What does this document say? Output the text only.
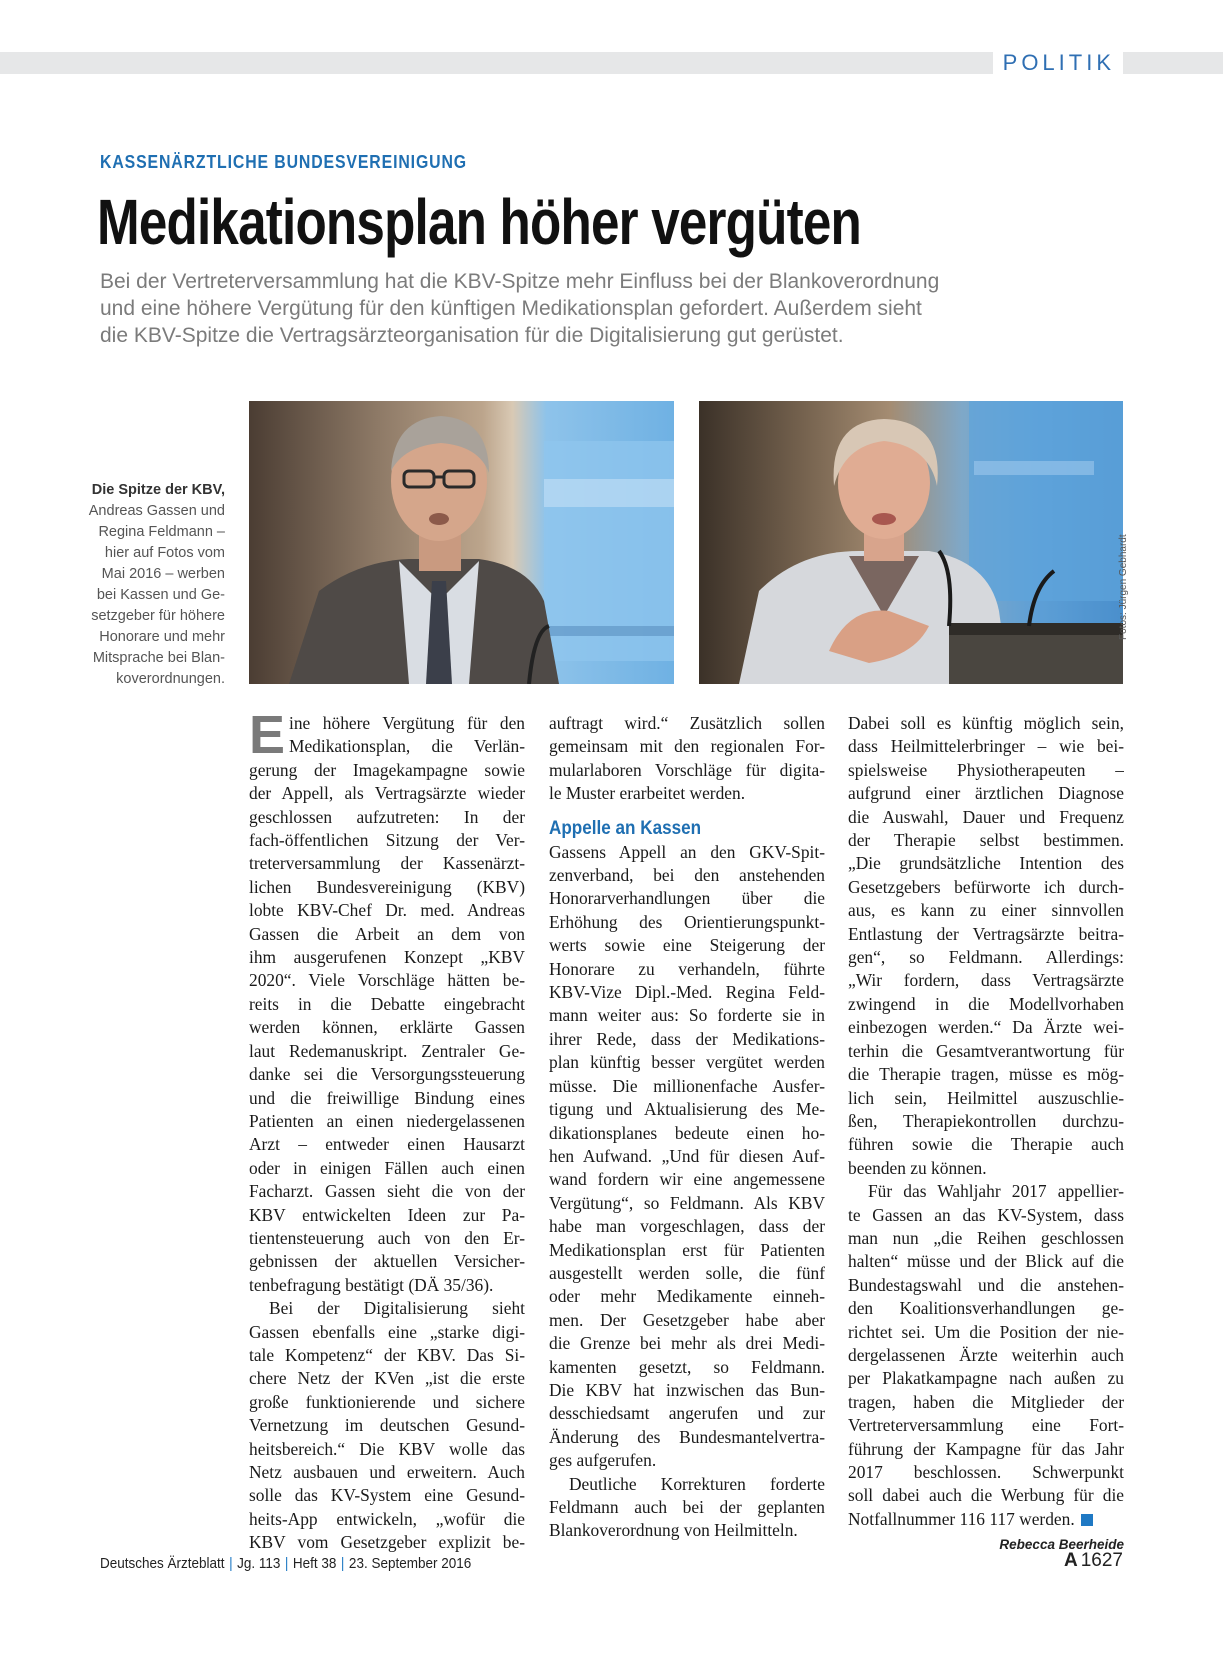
POLITIK
KASSENÄRZTLICHE BUNDESVEREINIGUNG
Medikationsplan höher vergüten
Bei der Vertreterversammlung hat die KBV-Spitze mehr Einfluss bei der Blankoverordnung
und eine höhere Vergütung für den künftigen Medikationsplan gefordert. Außerdem sieht
die KBV-Spitze die Vertragsärzteorganisation für die Digitalisierung gut gerüstet.
Die Spitze der KBV,
Andreas Gassen und
Regina Feldmann –
hier auf Fotos vom
Mai 2016 – werben
bei Kassen und Ge-
setzgeber für höhere
Honorare und mehr
Mitsprache bei Blan-
koverordnungen.
Fotos: Jürgen Gebhardt
E ine höhere Vergütung für den
Medikationsplan, die Verlän-
gerung der Imagekampagne sowie
der Appell, als Vertragsärzte wieder
geschlossen aufzutreten: In der
fach-öffentlichen Sitzung der Ver-
treterversammlung der Kassenärzt-
lichen Bundesvereinigung (KBV)
lobte KBV-Chef Dr. med. Andreas
Gassen die Arbeit an dem von
ihm ausgerufenen Konzept „KBV
2020“. Viele Vorschläge hätten be-
reits in die Debatte eingebracht
werden können, erklärte Gassen
laut Redemanuskript. Zentraler Ge-
danke sei die Versorgungssteuerung
und die freiwillige Bindung eines
Patienten an einen niedergelassenen
Arzt – entweder einen Hausarzt
oder in einigen Fällen auch einen
Facharzt. Gassen sieht die von der
KBV entwickelten Ideen zur Pa-
tientensteuerung auch von den Er-
gebnissen der aktuellen Versicher-
tenbefragung bestätigt (DÄ 35/36).
Bei der Digitalisierung sieht
Gassen ebenfalls eine „starke digi-
tale Kompetenz“ der KBV. Das Si-
chere Netz der KVen „ist die erste
große funktionierende und sichere
Vernetzung im deutschen Gesund-
heitsbereich.“ Die KBV wolle das
Netz ausbauen und erweitern. Auch
solle das KV-System eine Gesund-
heits-App entwickeln, „wofür die
KBV vom Gesetzgeber explizit be-
auftragt wird.“ Zusätzlich sollen
gemeinsam mit den regionalen For-
mularlaboren Vorschläge für digita-
le Muster erarbeitet werden.
Appelle an Kassen
Gassens Appell an den GKV-Spit-
zenverband, bei den anstehenden
Honorarverhandlungen über die
Erhöhung des Orientierungspunkt-
werts sowie eine Steigerung der
Honorare zu verhandeln, führte
KBV-Vize Dipl.-Med. Regina Feld-
mann weiter aus: So forderte sie in
ihrer Rede, dass der Medikations-
plan künftig besser vergütet werden
müsse. Die millionenfache Ausfer-
tigung und Aktualisierung des Me-
dikationsplanes bedeute einen ho-
hen Aufwand. „Und für diesen Auf-
wand fordern wir eine angemessene
Vergütung“, so Feldmann. Als KBV
habe man vorgeschlagen, dass der
Medikationsplan erst für Patienten
ausgestellt werden solle, die fünf
oder mehr Medikamente einneh-
men. Der Gesetzgeber habe aber
die Grenze bei mehr als drei Medi-
kamenten gesetzt, so Feldmann.
Die KBV hat inzwischen das Bun-
desschiedsamt angerufen und zur
Änderung des Bundesmantelvertra-
ges aufgerufen.
Deutliche Korrekturen forderte
Feldmann auch bei der geplanten
Blankoverordnung von Heilmitteln.
Dabei soll es künftig möglich sein,
dass Heilmittelerbringer – wie bei-
spielsweise Physiotherapeuten –
aufgrund einer ärztlichen Diagnose
die Auswahl, Dauer und Frequenz
der Therapie selbst bestimmen.
„Die grundsätzliche Intention des
Gesetzgebers befürworte ich durch-
aus, es kann zu einer sinnvollen
Entlastung der Vertragsärzte beitra-
gen“, so Feldmann. Allerdings:
„Wir fordern, dass Vertragsärzte
zwingend in die Modellvorhaben
einbezogen werden.“ Da Ärzte wei-
terhin die Gesamtverantwortung für
die Therapie tragen, müsse es mög-
lich sein, Heilmittel auszuschlie-
ßen, Therapiekontrollen durchzu-
führen sowie die Therapie auch
beenden zu können.
Für das Wahljahr 2017 appellier-
te Gassen an das KV-System, dass
man nun „die Reihen geschlossen
halten“ müsse und der Blick auf die
Bundestagswahl und die anstehen-
den Koalitionsverhandlungen ge-
richtet sei. Um die Position der nie-
dergelassenen Ärzte weiterhin auch
per Plakatkampagne nach außen zu
tragen, haben die Mitglieder der
Vertreterversammlung eine Fort-
führung der Kampagne für das Jahr
2017 beschlossen. Schwerpunkt
soll dabei auch die Werbung für die
Notfallnummer 116 117 werden.
Rebecca Beerheide
Deutsches Ärzteblatt | Jg. 113 | Heft 38 | 23. September 2016	A 1627
